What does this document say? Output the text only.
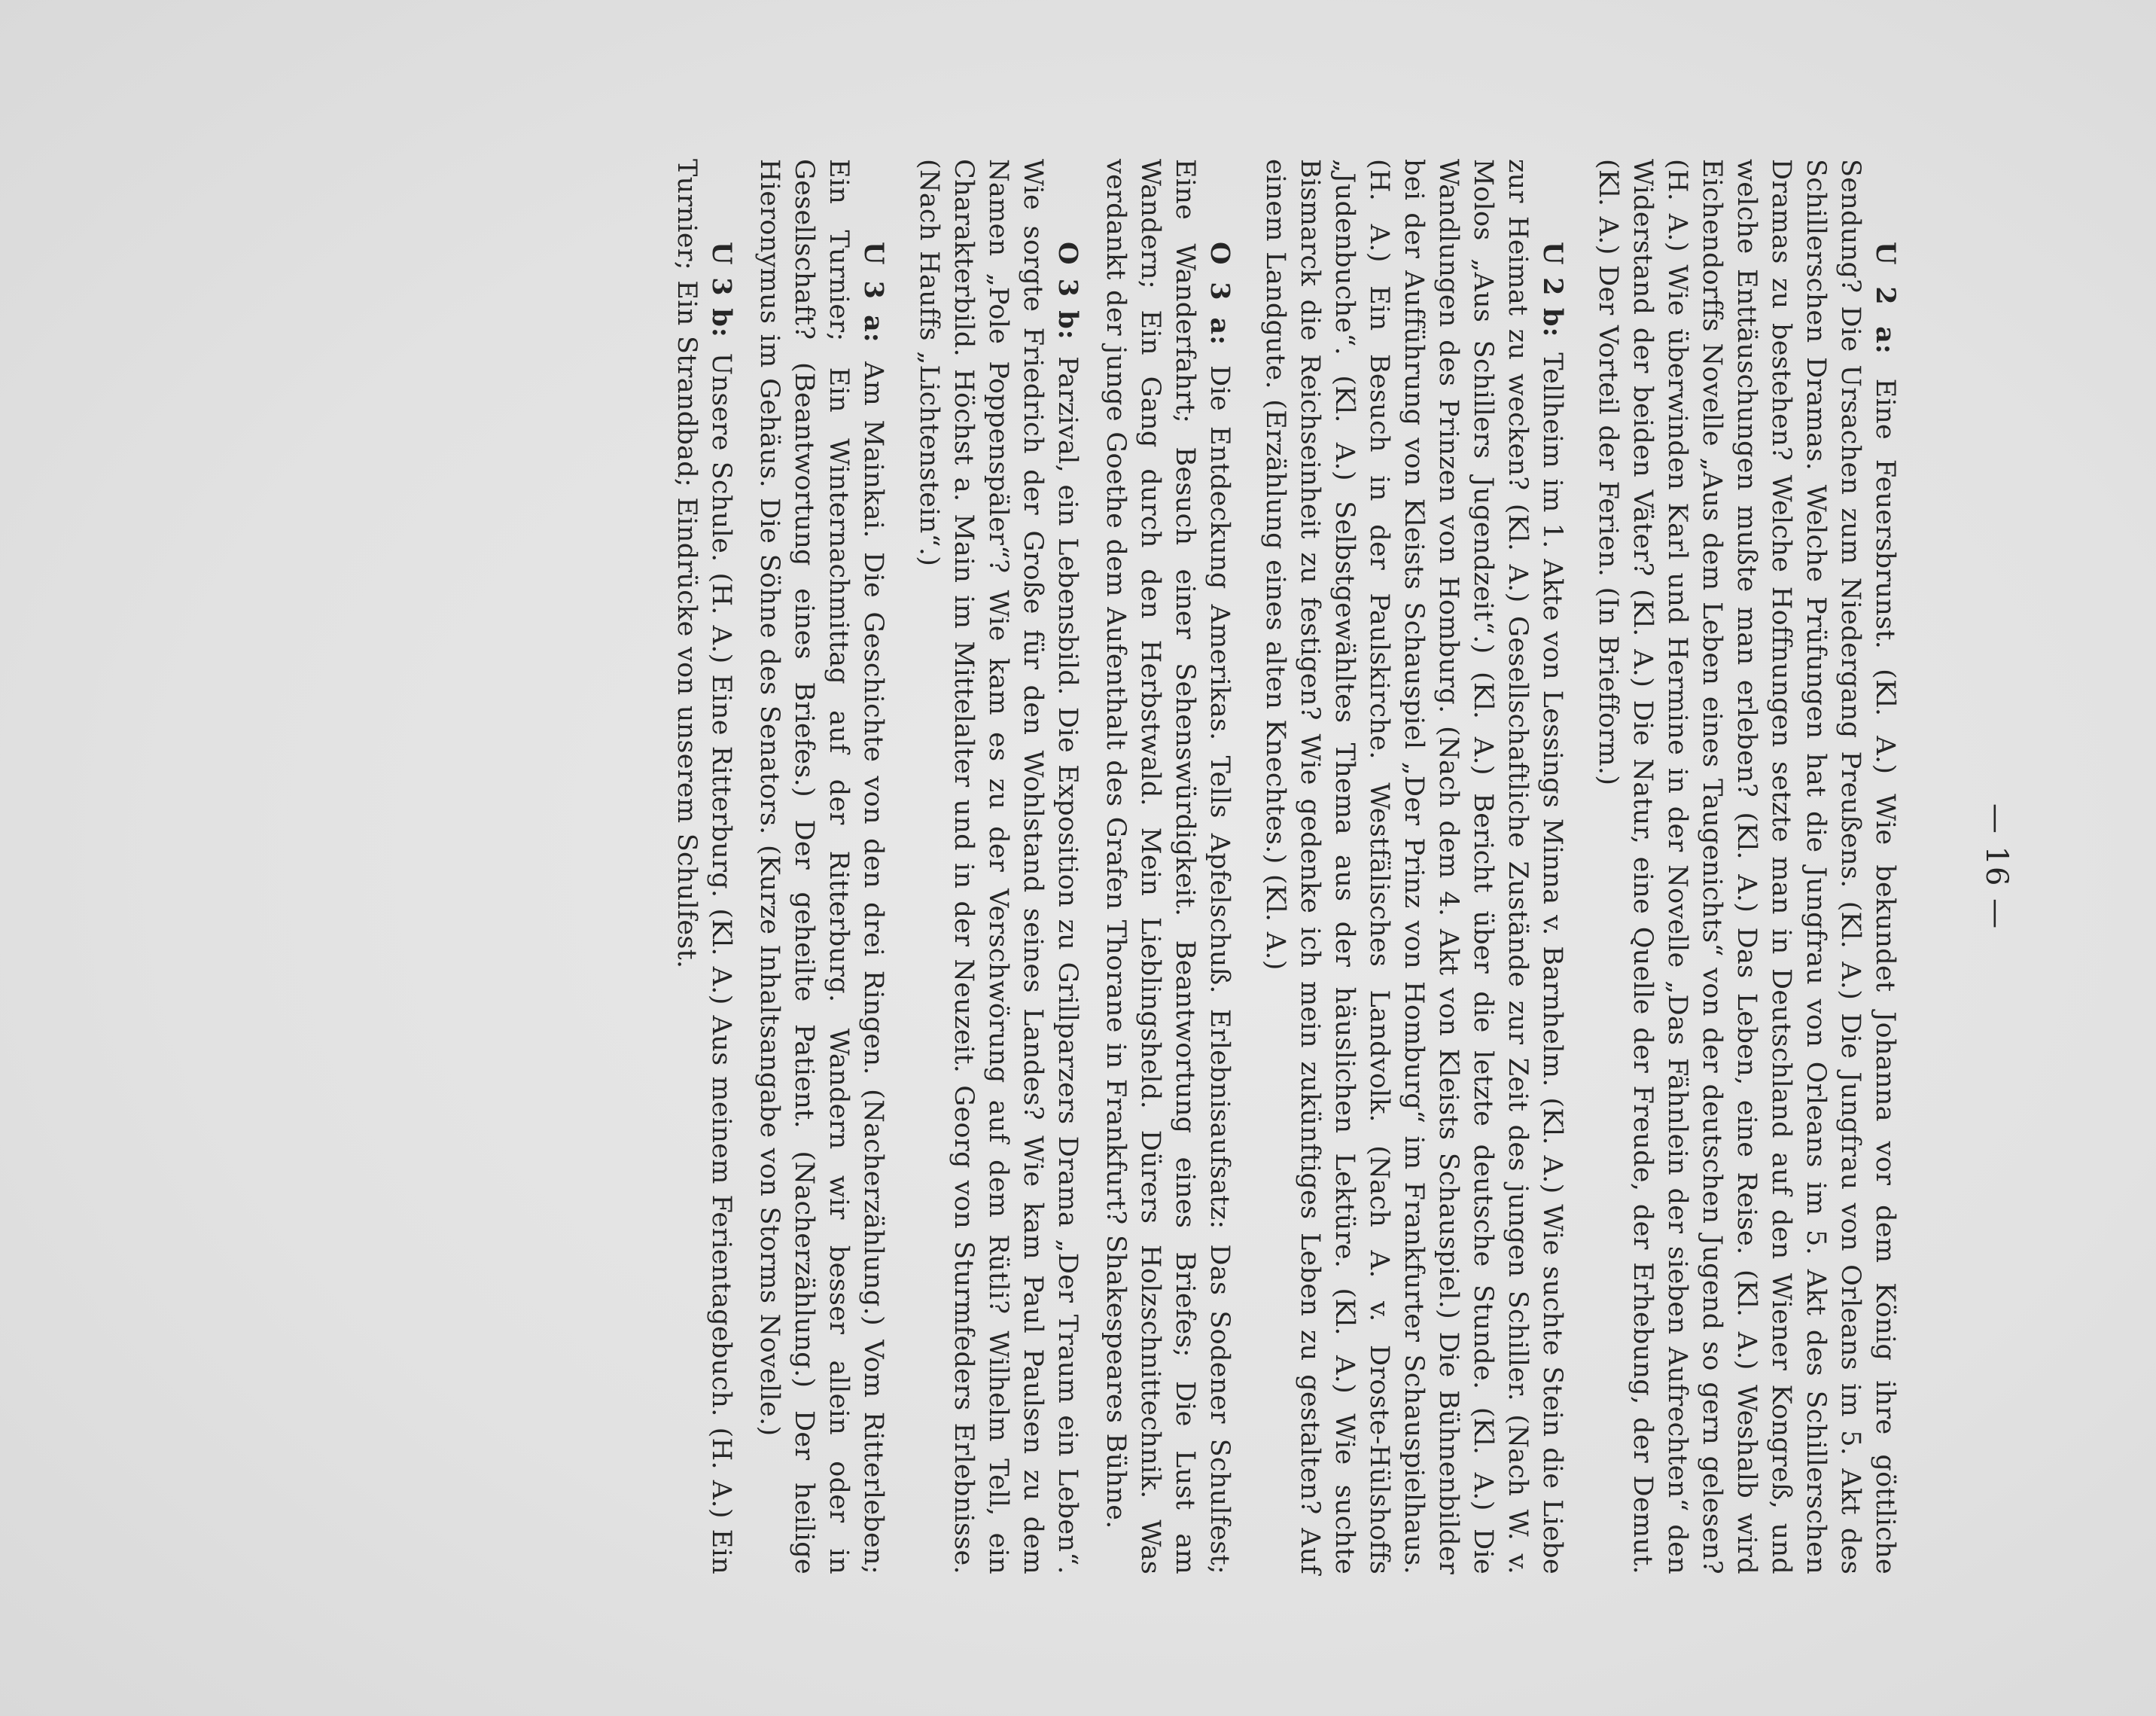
— 16 —

U 2 a: Eine Feuersbrunst. (Kl. A.) Wie bekundet Johanna vor dem König ihre göttliche Sendung? Die Ursachen zum Niedergang Preußens. (Kl. A.) Die Jungfrau von Orleans im 5. Akt des Schillerschen Dramas. Welche Prüfungen hat die Jungfrau von Orleans im 5. Akt des Schillerschen Dramas zu bestehen? Welche Hoffnungen setzte man in Deutschland auf den Wiener Kongreß, und welche Enttäuschungen mußte man erleben? (Kl. A.) Das Leben, eine Reise. (Kl. A.) Weshalb wird Eichendorffs Novelle „Aus dem Leben eines Taugenichts“ von der deutschen Jugend so gern gelesen? (H. A.) Wie überwinden Karl und Hermine in der Novelle „Das Fähnlein der sieben Aufrechten“ den Widerstand der beiden Väter? (Kl. A.) Die Natur, eine Quelle der Freude, der Erhebung, der Demut. (Kl. A.) Der Vorteil der Ferien. (In Briefform.)

U 2 b: Tellheim im 1. Akte von Lessings Minna v. Barnhelm. (Kl. A.) Wie suchte Stein die Liebe zur Heimat zu wecken? (Kl. A.) Gesellschaftliche Zustände zur Zeit des jungen Schiller. (Nach W. v. Molos „Aus Schillers Jugendzeit“.) (Kl. A.) Bericht über die letzte deutsche Stunde. (Kl. A.) Die Wandlungen des Prinzen von Homburg. (Nach dem 4. Akt von Kleists Schauspiel.) Die Bühnenbilder bei der Aufführung von Kleists Schauspiel „Der Prinz von Homburg“ im Frankfurter Schauspielhaus. (H. A.) Ein Besuch in der Paulskirche. Westfälisches Landvolk. (Nach A. v. Droste-Hülshoffs „Judenbuche“. (Kl. A.) Selbstgewähltes Thema aus der häuslichen Lektüre. (Kl. A.) Wie suchte Bismarck die Reichseinheit zu festigen? Wie gedenke ich mein zukünftiges Leben zu gestalten? Auf einem Landgute. (Erzählung eines alten Knechtes.) (Kl. A.)

O 3 a: Die Entdeckung Amerikas. Tells Apfelschuß. Erlebnisaufsatz: Das Sodener Schulfest; Eine Wanderfahrt; Besuch einer Sehenswürdigkeit. Beantwortung eines Briefes; Die Lust am Wandern; Ein Gang durch den Herbstwald. Mein Lieblingsheld. Dürers Holzschnittechnik. Was verdankt der junge Goethe dem Aufenthalt des Grafen Thorane in Frankfurt? Shakespeares Bühne.

O 3 b: Parzival, ein Lebensbild. Die Exposition zu Grillparzers Drama „Der Traum ein Leben“. Wie sorgte Friedrich der Große für den Wohlstand seines Landes? Wie kam Paul Paulsen zu dem Namen „Pole Poppenspäler“? Wie kam es zu der Verschwörung auf dem Rütli? Wilhelm Tell, ein Charakterbild. Höchst a. Main im Mittelalter und in der Neuzeit. Georg von Sturmfeders Erlebnisse. (Nach Hauffs „Lichtenstein“.)

U 3 a: Am Mainkai. Die Geschichte von den drei Ringen. (Nacherzählung.) Vom Ritterleben; Ein Turnier; Ein Winternachmittag auf der Ritterburg. Wandern wir besser allein oder in Gesellschaft? (Beantwortung eines Briefes.) Der geheilte Patient. (Nacherzählung.) Der heilige Hieronymus im Gehäus. Die Söhne des Senators. (Kurze Inhaltsangabe von Storms Novelle.)

U 3 b: Unsere Schule. (H. A.) Eine Ritterburg. (Kl. A.) Aus meinem Ferientagebuch. (H. A.) Ein Turnier; Ein Strandbad; Eindrücke von unserem Schulfest.
